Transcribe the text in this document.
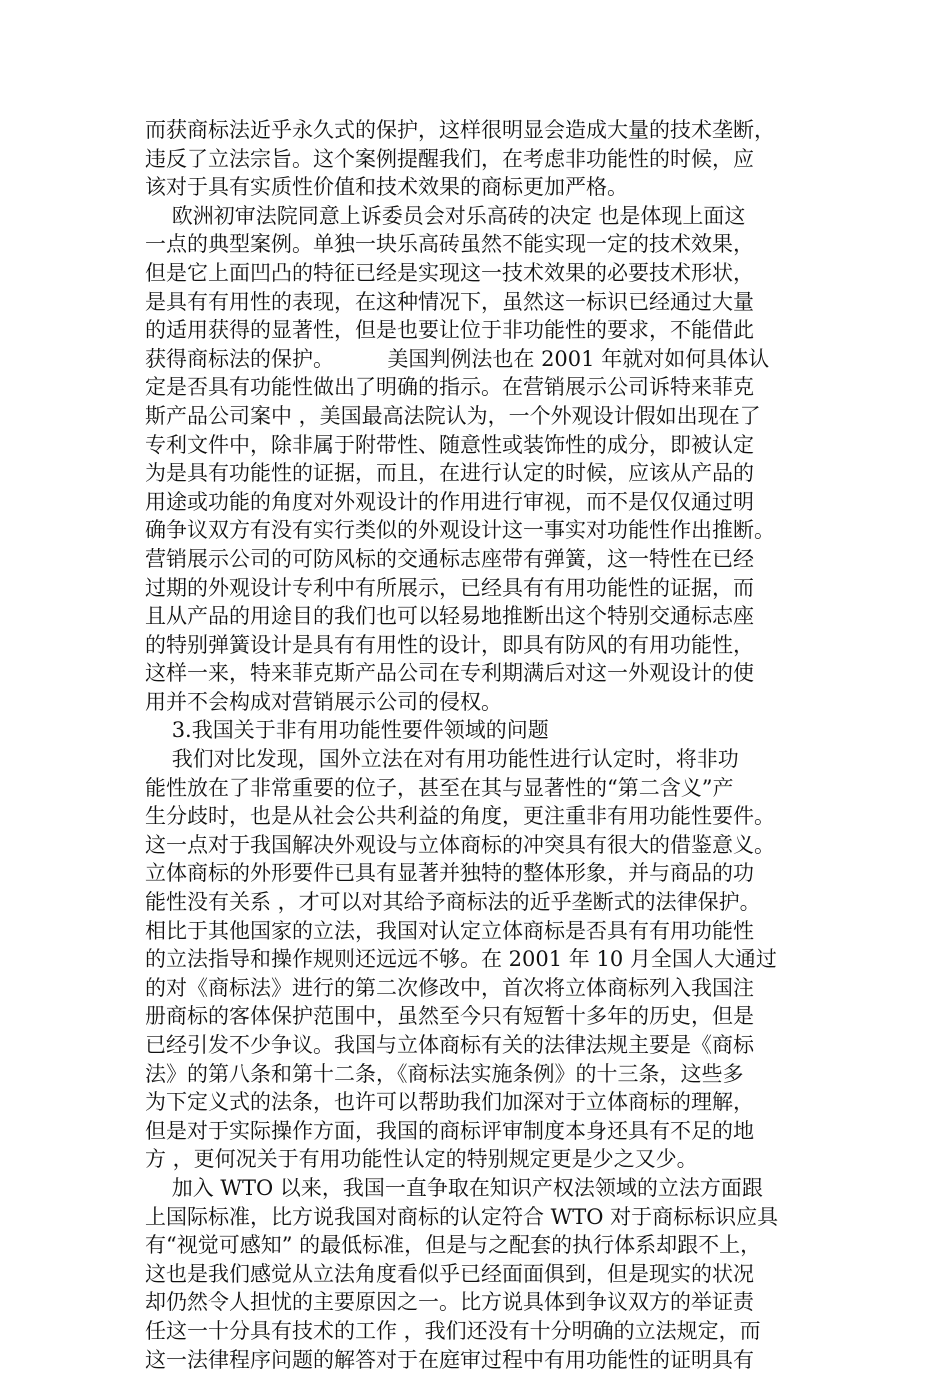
而获商标法近乎永久式的保护，这样很明显会造成大量的技术垄断，
违反了立法宗旨。这个案例提醒我们，在考虑非功能性的时候，应
该对于具有实质性价值和技术效果的商标更加严格。
欧洲初审法院同意上诉委员会对乐高砖的决定 也是体现上面这
一点的典型案例。单独一块乐高砖虽然不能实现一定的技术效果，
但是它上面凹凸的特征已经是实现这一技术效果的必要技术形状，
是具有有用性的表现，在这种情况下，虽然这一标识已经通过大量
的适用获得的显著性，但是也要让位于非功能性的要求，不能借此
获得商标法的保护。        美国判例法也在 2001 年就对如何具体认
定是否具有功能性做出了明确的指示。在营销展示公司诉特来菲克
斯产品公司案中 ，美国最高法院认为，一个外观设计假如出现在了
专利文件中，除非属于附带性、随意性或装饰性的成分，即被认定
为是具有功能性的证据，而且，在进行认定的时候，应该从产品的
用途或功能的角度对外观设计的作用进行审视，而不是仅仅通过明
确争议双方有没有实行类似的外观设计这一事实对功能性作出推断。
营销展示公司的可防风标的交通标志座带有弹簧，这一特性在已经
过期的外观设计专利中有所展示，已经具有有用功能性的证据，而
且从产品的用途目的我们也可以轻易地推断出这个特别交通标志座
的特别弹簧设计是具有有用性的设计，即具有防风的有用功能性，
这样一来，特来菲克斯产品公司在专利期满后对这一外观设计的使
用并不会构成对营销展示公司的侵权。
3.我国关于非有用功能性要件领域的问题
我们对比发现，国外立法在对有用功能性进行认定时，将非功
能性放在了非常重要的位子，甚至在其与显著性的“第二含义”产
生分歧时，也是从社会公共利益的角度，更注重非有用功能性要件。
这一点对于我国解决外观设与立体商标的冲突具有很大的借鉴意义。
立体商标的外形要件已具有显著并独特的整体形象，并与商品的功
能性没有关系 ，才可以对其给予商标法的近乎垄断式的法律保护。
相比于其他国家的立法，我国对认定立体商标是否具有有用功能性
的立法指导和操作规则还远远不够。在 2001 年 10 月全国人大通过
的对《商标法》进行的第二次修改中，首次将立体商标列入我国注
册商标的客体保护范围中，虽然至今只有短暂十多年的历史，但是
已经引发不少争议。我国与立体商标有关的法律法规主要是《商标
法》的第八条和第十二条，《商标法实施条例》的十三条，这些多
为下定义式的法条，也许可以帮助我们加深对于立体商标的理解，
但是对于实际操作方面，我国的商标评审制度本身还具有不足的地
方 ，更何况关于有用功能性认定的特别规定更是少之又少。
加入 WTO 以来，我国一直争取在知识产权法领域的立法方面跟
上国际标准，比方说我国对商标的认定符合 WTO 对于商标标识应具
有“视觉可感知” 的最低标准，但是与之配套的执行体系却跟不上，
这也是我们感觉从立法角度看似乎已经面面俱到，但是现实的状况
却仍然令人担忧的主要原因之一。比方说具体到争议双方的举证责
任这一十分具有技术的工作 ，我们还没有十分明确的立法规定，而
这一法律程序问题的解答对于在庭审过程中有用功能性的证明具有
